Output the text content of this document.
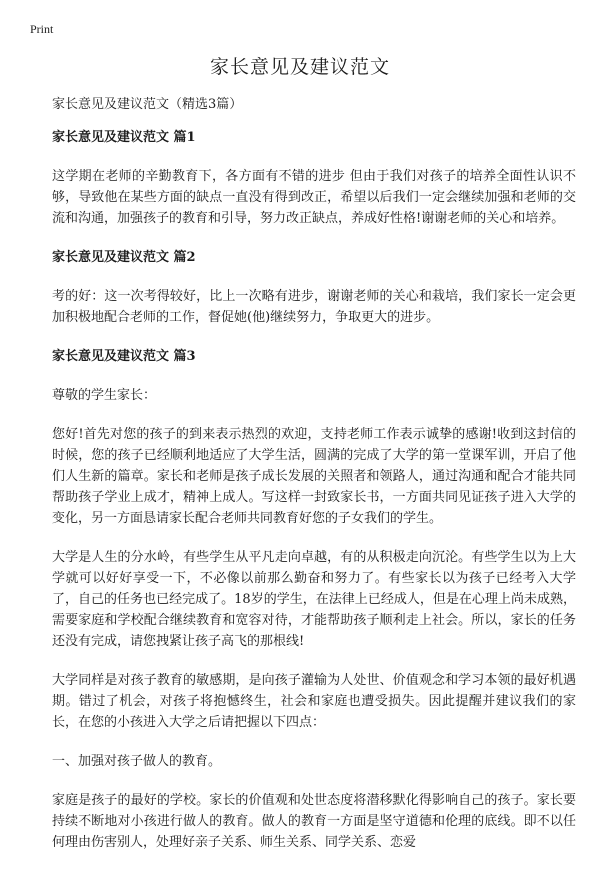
Print
家长意见及建议范文

家长意见及建议范文（精选3篇）

家长意见及建议范文 篇1

这学期在老师的辛勤教育下，各方面有不错的进步 但由于我们对孩子的培养全面性认识不够，导致他在某些方面的缺点一直没有得到改正，希望以后我们一定会继续加强和老师的交流和沟通，加强孩子的教育和引导，努力改正缺点，养成好性格!谢谢老师的关心和培养。

家长意见及建议范文 篇2

考的好：这一次考得较好，比上一次略有进步，谢谢老师的关心和栽培，我们家长一定会更加积极地配合老师的工作，督促她(他)继续努力，争取更大的进步。

家长意见及建议范文 篇3

尊敬的学生家长：

您好!首先对您的孩子的到来表示热烈的欢迎，支持老师工作表示诚挚的感谢!收到这封信的时候，您的孩子已经顺利地适应了大学生活，圆满的完成了大学的第一堂课军训，开启了他们人生新的篇章。家长和老师是孩子成长发展的关照者和领路人，通过沟通和配合才能共同帮助孩子学业上成才，精神上成人。写这样一封致家长书，一方面共同见证孩子进入大学的变化，另一方面恳请家长配合老师共同教育好您的子女我们的学生。

大学是人生的分水岭，有些学生从平凡走向卓越，有的从积极走向沉沦。有些学生以为上大学就可以好好享受一下，不必像以前那么勤奋和努力了。有些家长以为孩子已经考入大学了，自己的任务也已经完成了。18岁的学生，在法律上已经成人，但是在心理上尚未成熟，需要家庭和学校配合继续教育和宽容对待，才能帮助孩子顺利走上社会。所以，家长的任务还没有完成，请您拽紧让孩子高飞的那根线!

大学同样是对孩子教育的敏感期，是向孩子灌输为人处世、价值观念和学习本领的最好机遇期。错过了机会，对孩子将抱憾终生，社会和家庭也遭受损失。因此提醒并建议我们的家长，在您的小孩进入大学之后请把握以下四点：

一、加强对孩子做人的教育。

家庭是孩子的最好的学校。家长的价值观和处世态度将潜移默化得影响自己的孩子。家长要持续不断地对小孩进行做人的教育。做人的教育一方面是坚守道德和伦理的底线。即不以任何理由伤害别人，处理好亲子关系、师生关系、同学关系、恋爱
